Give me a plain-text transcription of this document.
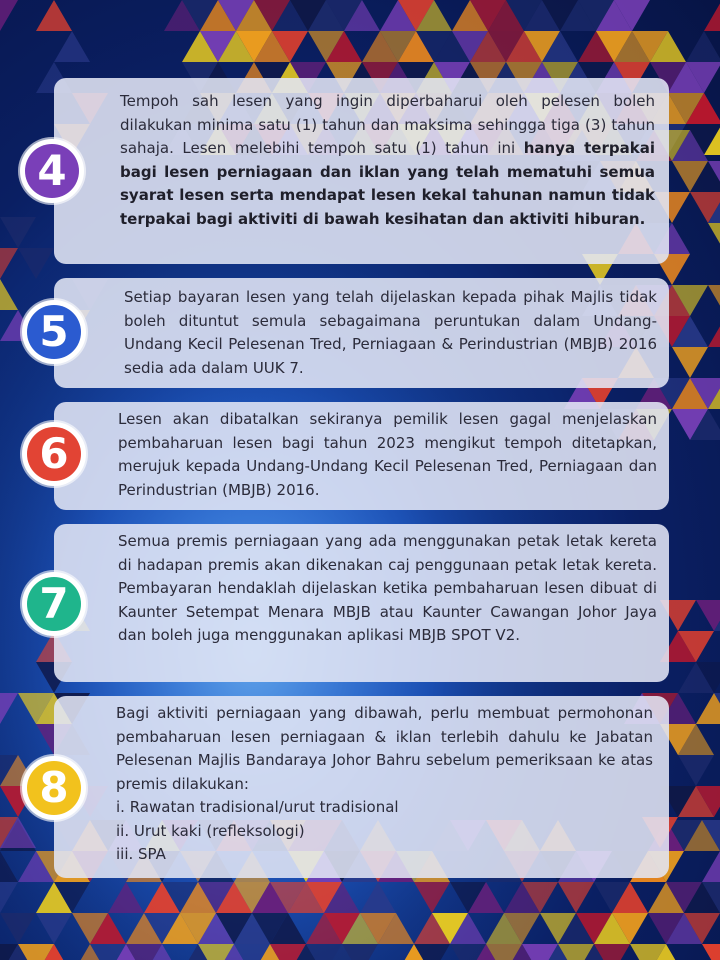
Tempoh sah lesen yang ingin diperbaharui oleh pelesen boleh dilakukan minima satu (1) tahun dan maksima sehingga tiga (3) tahun sahaja. Lesen melebihi tempoh satu (1) tahun ini hanya terpakai bagi lesen perniagaan dan iklan yang telah mematuhi semua syarat lesen serta mendapat lesen kekal tahunan namun tidak terpakai bagi aktiviti di bawah kesihatan dan aktiviti hiburan.

4

Setiap bayaran lesen yang telah dijelaskan kepada pihak Majlis tidak boleh dituntut semula sebagaimana peruntukan dalam Undang-Undang Kecil Pelesenan Tred, Perniagaan & Perindustrian (MBJB) 2016 sedia ada dalam UUK 7.

5

Lesen akan dibatalkan sekiranya pemilik lesen gagal menjelaskan pembaharuan lesen bagi tahun 2023 mengikut tempoh ditetapkan, merujuk kepada Undang-Undang Kecil Pelesenan Tred, Perniagaan dan Perindustrian (MBJB) 2016.

6

Semua premis perniagaan yang ada menggunakan petak letak kereta di hadapan premis akan dikenakan caj penggunaan petak letak kereta. Pembayaran hendaklah dijelaskan ketika pembaharuan lesen dibuat di Kaunter Setempat Menara MBJB atau Kaunter Cawangan Johor Jaya dan boleh juga menggunakan aplikasi MBJB SPOT V2.

7

Bagi aktiviti perniagaan yang dibawah, perlu membuat permohonan pembaharuan lesen perniagaan & iklan terlebih dahulu ke Jabatan Pelesenan Majlis Bandaraya Johor Bahru sebelum pemeriksaan ke atas premis dilakukan:

i. Rawatan tradisional/urut tradisional

ii. Urut kaki (refleksologi)

iii. SPA

8
